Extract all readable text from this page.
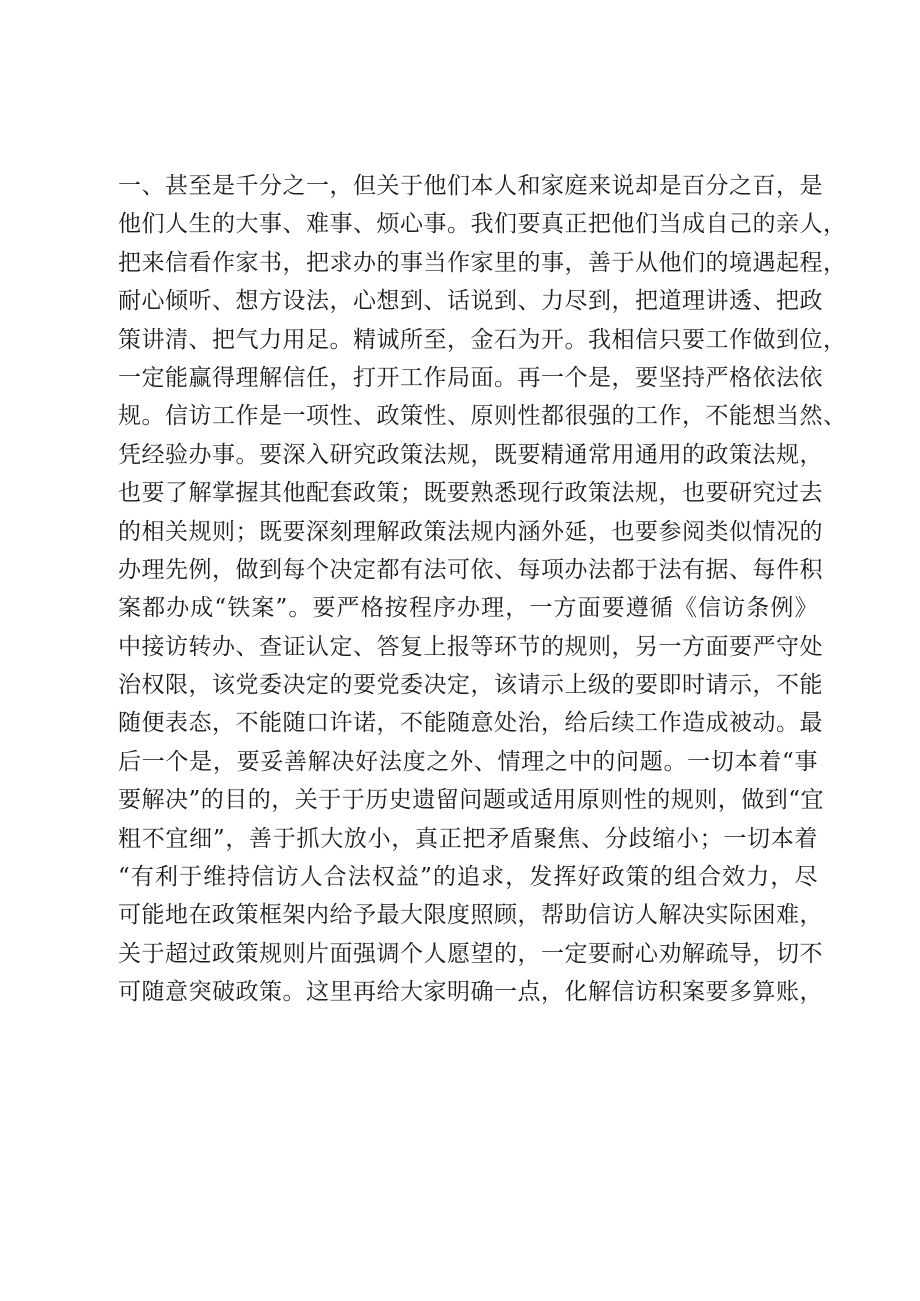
一、甚至是千分之一，但关于他们本人和家庭来说却是百分之百，是
他们人生的大事、难事、烦心事。我们要真正把他们当成自己的亲人，
把来信看作家书，把求办的事当作家里的事，善于从他们的境遇起程，
耐心倾听、想方设法，心想到、话说到、力尽到，把道理讲透、把政
策讲清、把气力用足。精诚所至，金石为开。我相信只要工作做到位，
一定能赢得理解信任，打开工作局面。再一个是，要坚持严格依法依
规。信访工作是一项性、政策性、原则性都很强的工作，不能想当然、
凭经验办事。要深入研究政策法规，既要精通常用通用的政策法规，
也要了解掌握其他配套政策；既要熟悉现行政策法规，也要研究过去
的相关规则；既要深刻理解政策法规内涵外延，也要参阅类似情况的
办理先例，做到每个决定都有法可依、每项办法都于法有据、每件积
案都办成“铁案”。要严格按程序办理，一方面要遵循《信访条例》
中接访转办、查证认定、答复上报等环节的规则，另一方面要严守处
治权限，该党委决定的要党委决定，该请示上级的要即时请示，不能
随便表态，不能随口许诺，不能随意处治，给后续工作造成被动。最
后一个是，要妥善解决好法度之外、情理之中的问题。一切本着“事
要解决”的目的，关于于历史遗留问题或适用原则性的规则，做到“宜
粗不宜细”，善于抓大放小，真正把矛盾聚焦、分歧缩小；一切本着
“有利于维持信访人合法权益”的追求，发挥好政策的组合效力，尽
可能地在政策框架内给予最大限度照顾，帮助信访人解决实际困难，
关于超过政策规则片面强调个人愿望的，一定要耐心劝解疏导，切不
可随意突破政策。这里再给大家明确一点，化解信访积案要多算账，
